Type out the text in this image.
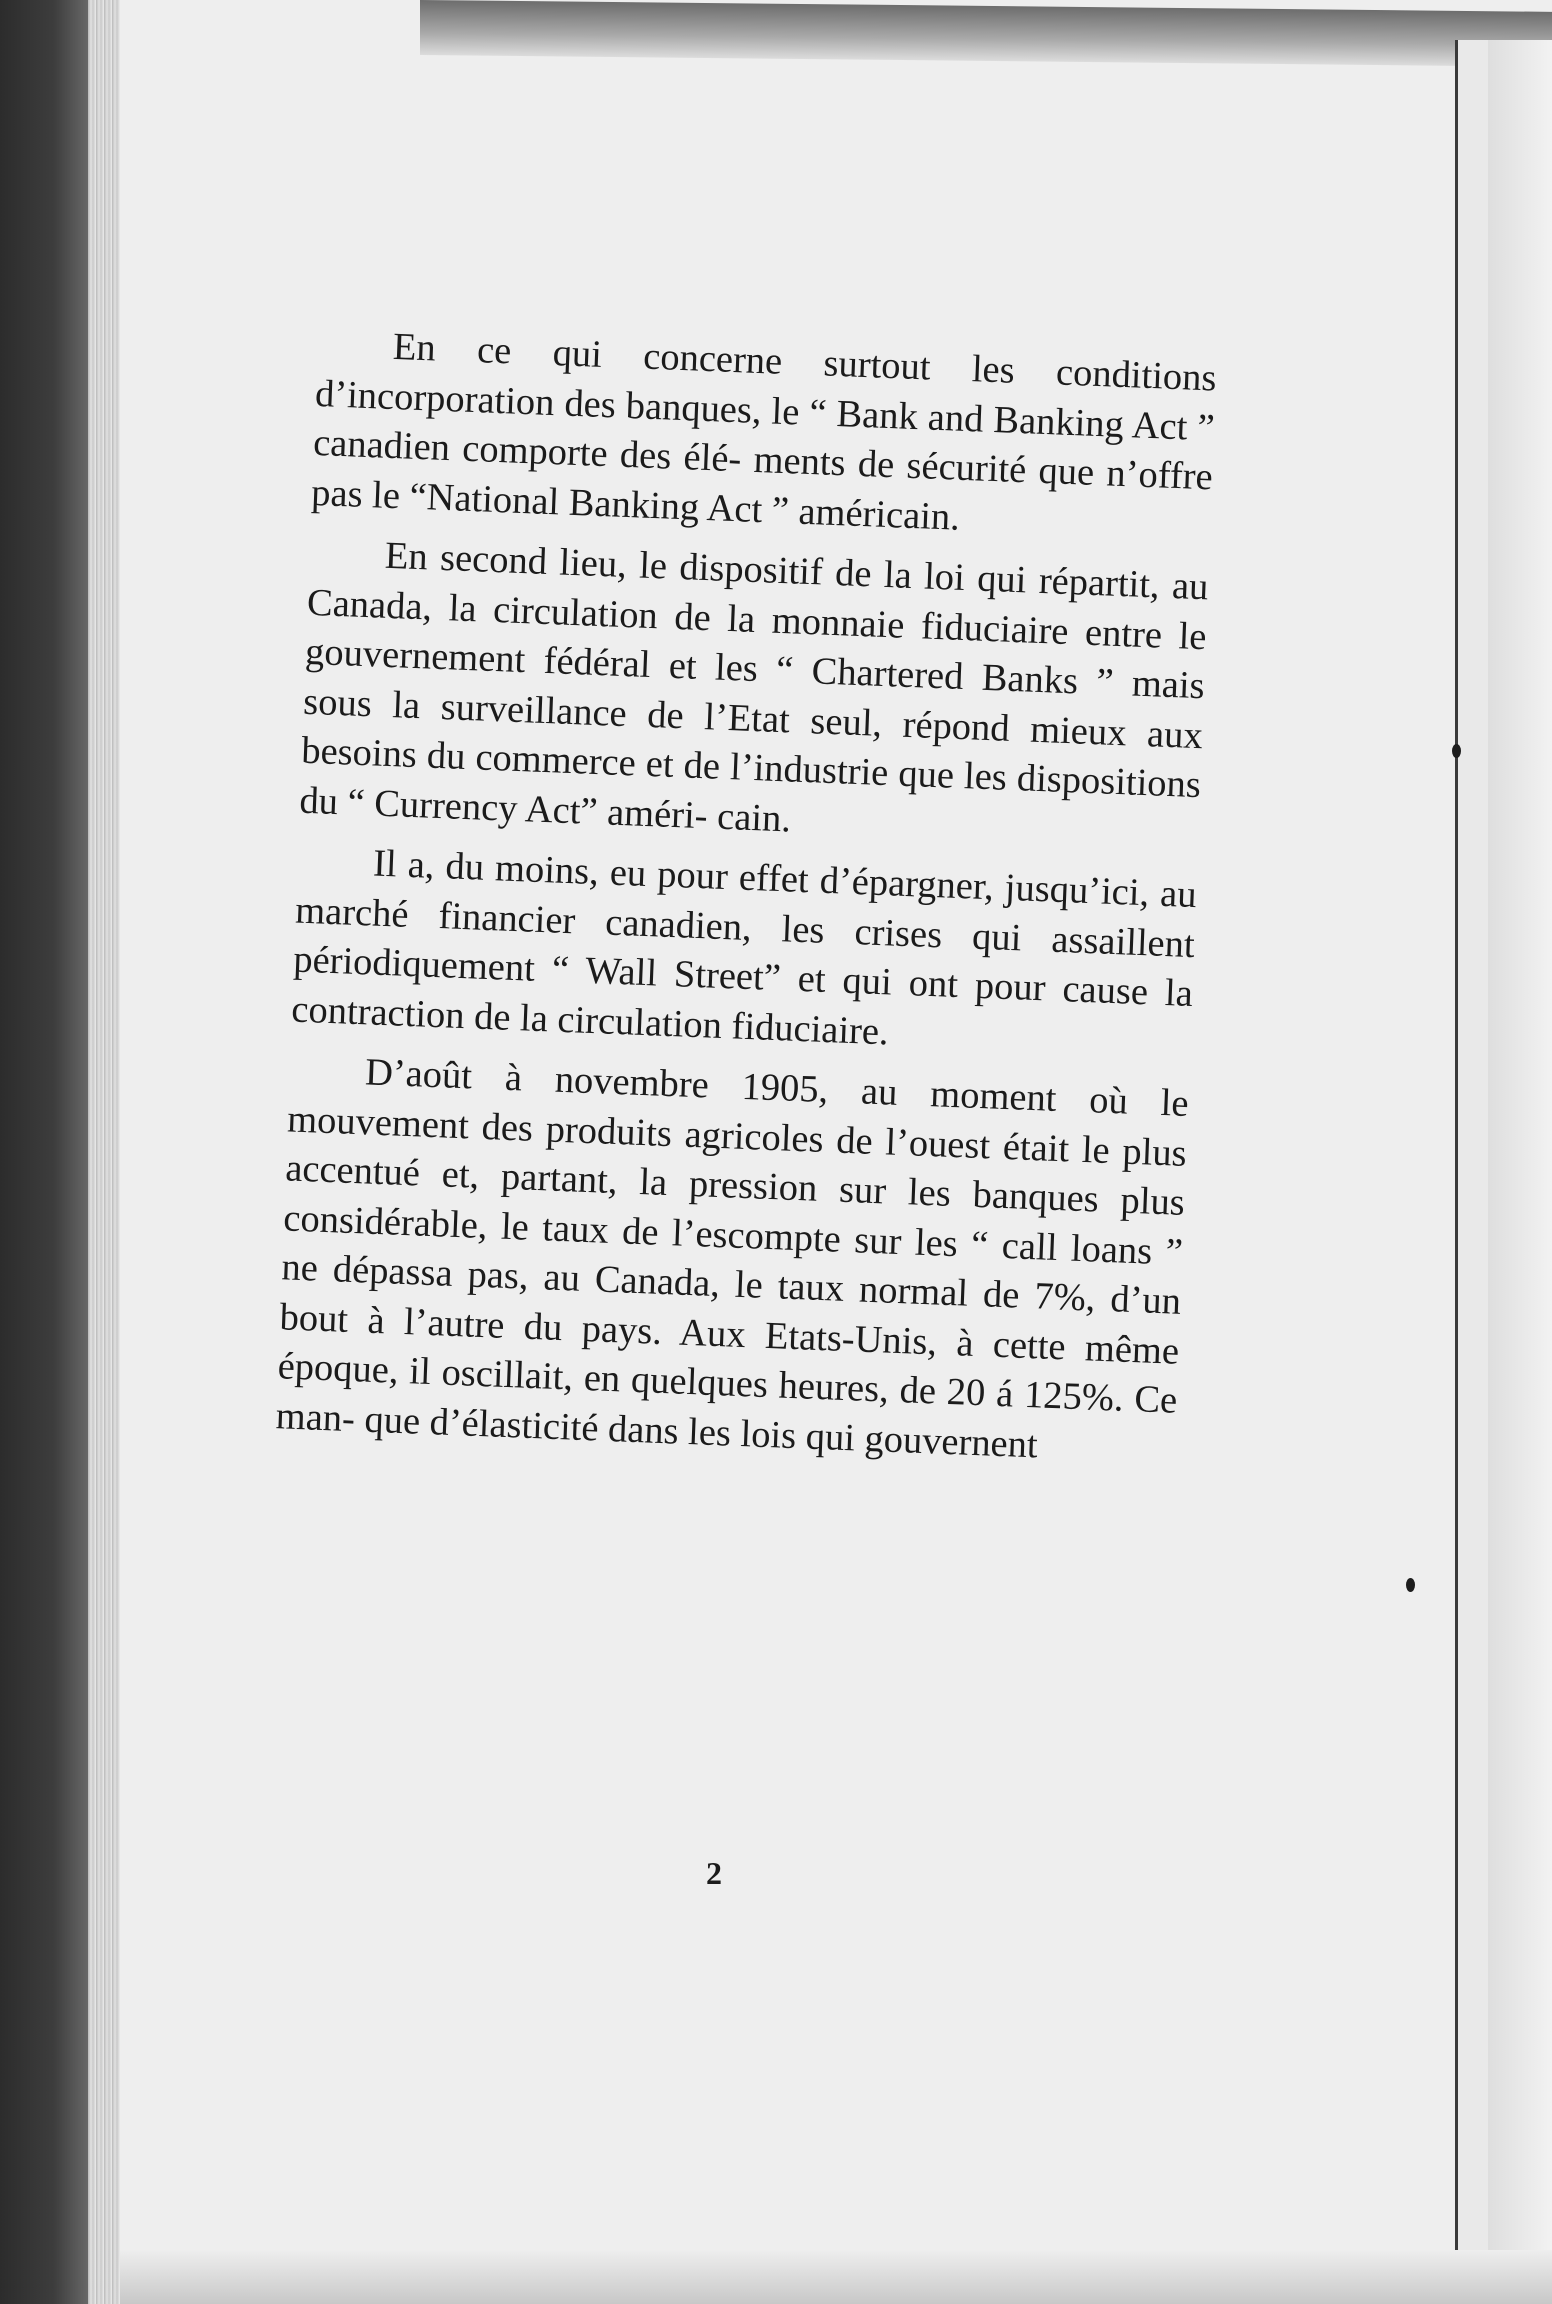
En ce qui concerne surtout les conditions d’incorporation des banques, le “ Bank and Banking Act ” canadien comporte des élé- ments de sécurité que n’offre pas le “National Banking Act ” américain.

En second lieu, le dispositif de la loi qui répartit, au Canada, la circulation de la monnaie fiduciaire entre le gouvernement fédéral et les “ Chartered Banks ” mais sous la surveillance de l’Etat seul, répond mieux aux besoins du commerce et de l’industrie que les dispositions du “ Currency Act” améri- cain.

Il a, du moins, eu pour effet d’épargner, jusqu’ici, au marché financier canadien, les crises qui assaillent périodiquement “ Wall Street” et qui ont pour cause la contraction de la circulation fiduciaire.

D’août à novembre 1905, au moment où le mouvement des produits agricoles de l’ouest était le plus accentué et, partant, la pression sur les banques plus considérable, le taux de l’escompte sur les “ call loans ” ne dépassa pas, au Canada, le taux normal de 7%, d’un bout à l’autre du pays. Aux Etats-Unis, à cette même époque, il oscillait, en quelques heures, de 20 á 125%. Ce man- que d’élasticité dans les lois qui gouvernent

2
